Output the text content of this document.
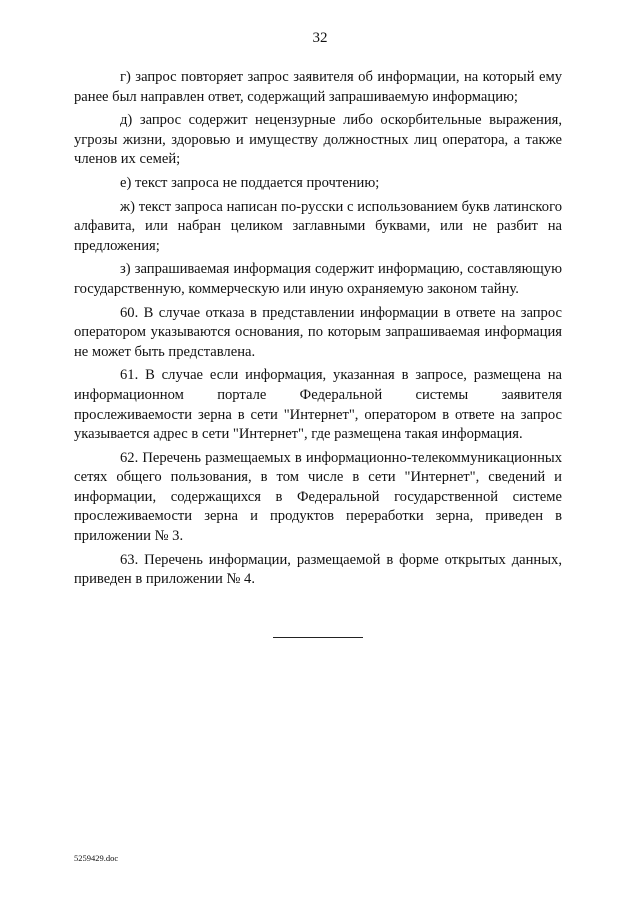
32

г) запрос повторяет запрос заявителя об информации, на который ему ранее был направлен ответ, содержащий запрашиваемую информацию;

д) запрос содержит нецензурные либо оскорбительные выражения, угрозы жизни, здоровью и имуществу должностных лиц оператора, а также членов их семей;

е) текст запроса не поддается прочтению;

ж) текст запроса написан по-русски с использованием букв латинского алфавита, или набран целиком заглавными буквами, или не разбит на предложения;

з) запрашиваемая информация содержит информацию, составляющую государственную, коммерческую или иную охраняемую законом тайну.

60. В случае отказа в представлении информации в ответе на запрос оператором указываются основания, по которым запрашиваемая информация не может быть представлена.

61. В случае если информация, указанная в запросе, размещена на информационном портале Федеральной системы заявителя прослеживаемости зерна в сети "Интернет", оператором в ответе на запрос указывается адрес в сети "Интернет", где размещена такая информация.

62. Перечень размещаемых в информационно-телекоммуникационных сетях общего пользования, в том числе в сети "Интернет", сведений и информации, содержащихся в Федеральной государственной системе прослеживаемости зерна и продуктов переработки зерна, приведен в приложении № 3.

63. Перечень информации, размещаемой в форме открытых данных, приведен в приложении № 4.

5259429.doc
